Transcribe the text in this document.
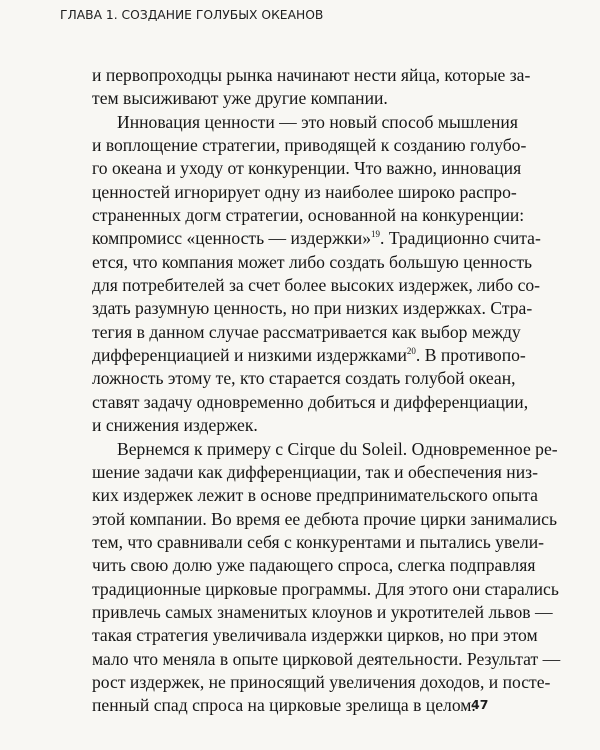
ГЛАВА 1. СОЗДАНИЕ ГОЛУБЫХ ОКЕАНОВ
и первопроходцы рынка начинают нести яйца, которые за-
тем высиживают уже другие компании.
Инновация ценности — это новый способ мышления
и воплощение стратегии, приводящей к созданию голубо-
го океана и уходу от конкуренции. Что важно, инновация
ценностей игнорирует одну из наиболее широко распро-
страненных догм стратегии, основанной на конкуренции:
компромисс «ценность — издержки»$^{19}$. Традиционно счита-
ется, что компания может либо создать большую ценность
для потребителей за счет более высоких издержек, либо со-
здать разумную ценность, но при низких издержках. Стра-
тегия в данном случае рассматривается как выбор между
дифференциацией и низкими издержками$^{20}$. В противопо-
ложность этому те, кто старается создать голубой океан,
ставят задачу одновременно добиться и дифференциации,
и снижения издержек.
Вернемся к примеру с Cirque du Soleil. Одновременное ре-
шение задачи как дифференциации, так и обеспечения низ-
ких издержек лежит в основе предпринимательского опыта
этой компании. Во время ее дебюта прочие цирки занимались
тем, что сравнивали себя с конкурентами и пытались увели-
чить свою долю уже падающего спроса, слегка подправляя
традиционные цирковые программы. Для этого они старались
привлечь самых знаменитых клоунов и укротителей львов —
такая стратегия увеличивала издержки цирков, но при этом
мало что меняла в опыте цирковой деятельности. Результат —
рост издержек, не приносящий увеличения доходов, и посте-
пенный спад спроса на цирковые зрелища в целом.
47
